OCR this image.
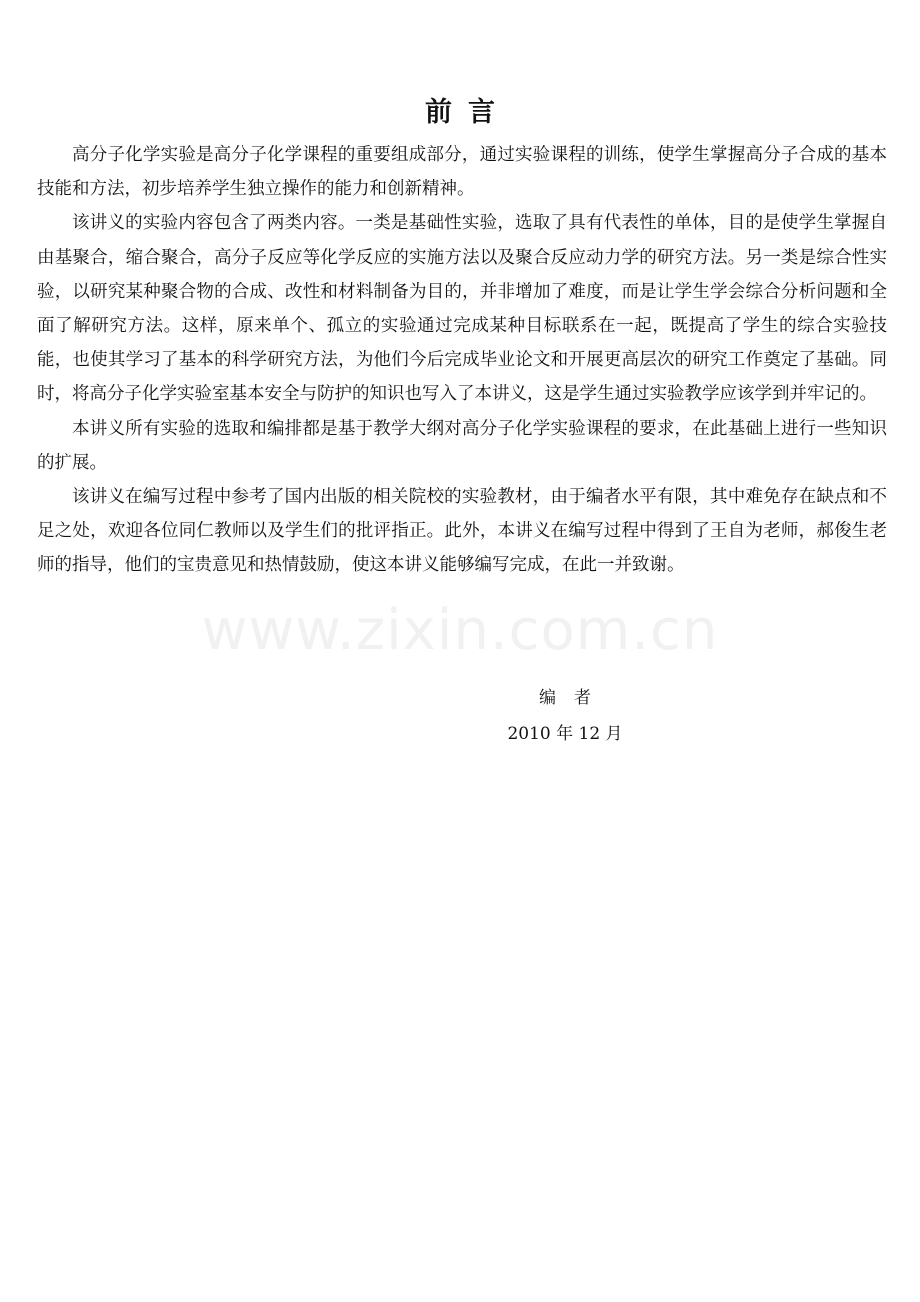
www.zixin.com.cn
前言

高分子化学实验是高分子化学课程的重要组成部分，通过实验课程的训练，使学生掌握高分子合成的基本技能和方法，初步培养学生独立操作的能力和创新精神。

该讲义的实验内容包含了两类内容。一类是基础性实验，选取了具有代表性的单体，目的是使学生掌握自由基聚合，缩合聚合，高分子反应等化学反应的实施方法以及聚合反应动力学的研究方法。另一类是综合性实验，以研究某种聚合物的合成、改性和材料制备为目的，并非增加了难度，而是让学生学会综合分析问题和全面了解研究方法。这样，原来单个、孤立的实验通过完成某种目标联系在一起，既提高了学生的综合实验技能，也使其学习了基本的科学研究方法，为他们今后完成毕业论文和开展更高层次的研究工作奠定了基础。同时，将高分子化学实验室基本安全与防护的知识也写入了本讲义，这是学生通过实验教学应该学到并牢记的。

本讲义所有实验的选取和编排都是基于教学大纲对高分子化学实验课程的要求，在此基础上进行一些知识的扩展。

该讲义在编写过程中参考了国内出版的相关院校的实验教材，由于编者水平有限，其中难免存在缺点和不足之处，欢迎各位同仁教师以及学生们的批评指正。此外，本讲义在编写过程中得到了王自为老师，郝俊生老师的指导，他们的宝贵意见和热情鼓励，使这本讲义能够编写完成，在此一并致谢。

编者
2010 年 12 月
